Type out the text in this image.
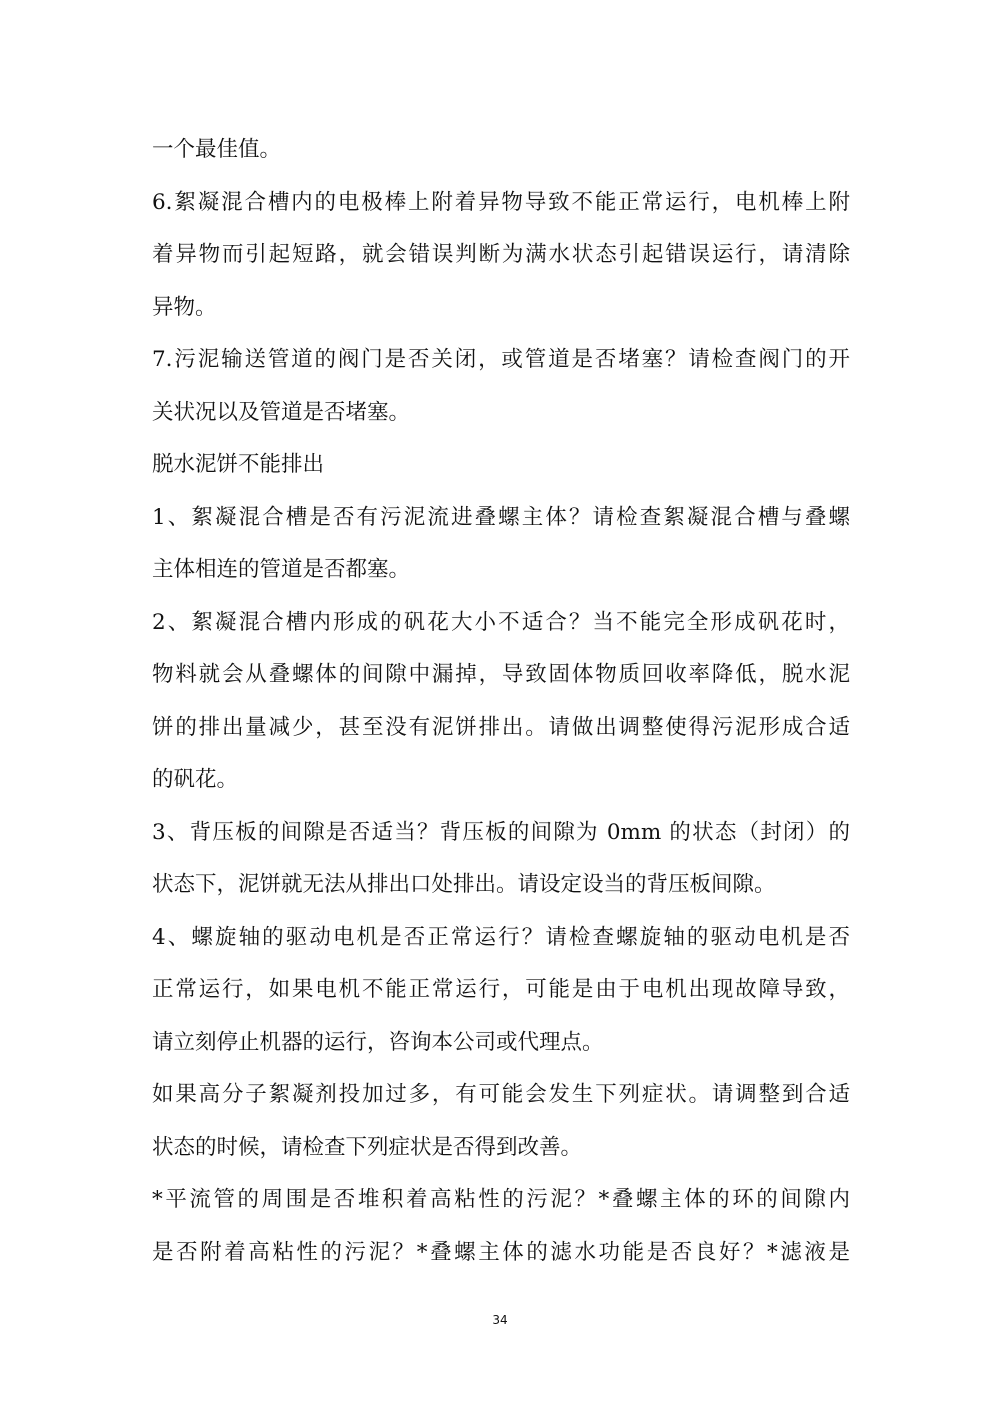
一个最佳值。
6.絮凝混合槽内的电极棒上附着异物导致不能正常运行，电机棒上附
着异物而引起短路，就会错误判断为满水状态引起错误运行，请清除
异物。
7.污泥输送管道的阀门是否关闭，或管道是否堵塞？请检查阀门的开
关状况以及管道是否堵塞。
脱水泥饼不能排出
1、絮凝混合槽是否有污泥流进叠螺主体？请检查絮凝混合槽与叠螺
主体相连的管道是否都塞。
2、絮凝混合槽内形成的矾花大小不适合？当不能完全形成矾花时，
物料就会从叠螺体的间隙中漏掉，导致固体物质回收率降低，脱水泥
饼的排出量减少，甚至没有泥饼排出。请做出调整使得污泥形成合适
的矾花。
3、背压板的间隙是否适当？背压板的间隙为 0mm 的状态（封闭）的
状态下，泥饼就无法从排出口处排出。请设定设当的背压板间隙。
4、螺旋轴的驱动电机是否正常运行？请检查螺旋轴的驱动电机是否
正常运行，如果电机不能正常运行，可能是由于电机出现故障导致，
请立刻停止机器的运行，咨询本公司或代理点。
如果高分子絮凝剂投加过多，有可能会发生下列症状。请调整到合适
状态的时候，请检查下列症状是否得到改善。
*平流管的周围是否堆积着高粘性的污泥？*叠螺主体的环的间隙内
是否附着高粘性的污泥？*叠螺主体的滤水功能是否良好？*滤液是
34
